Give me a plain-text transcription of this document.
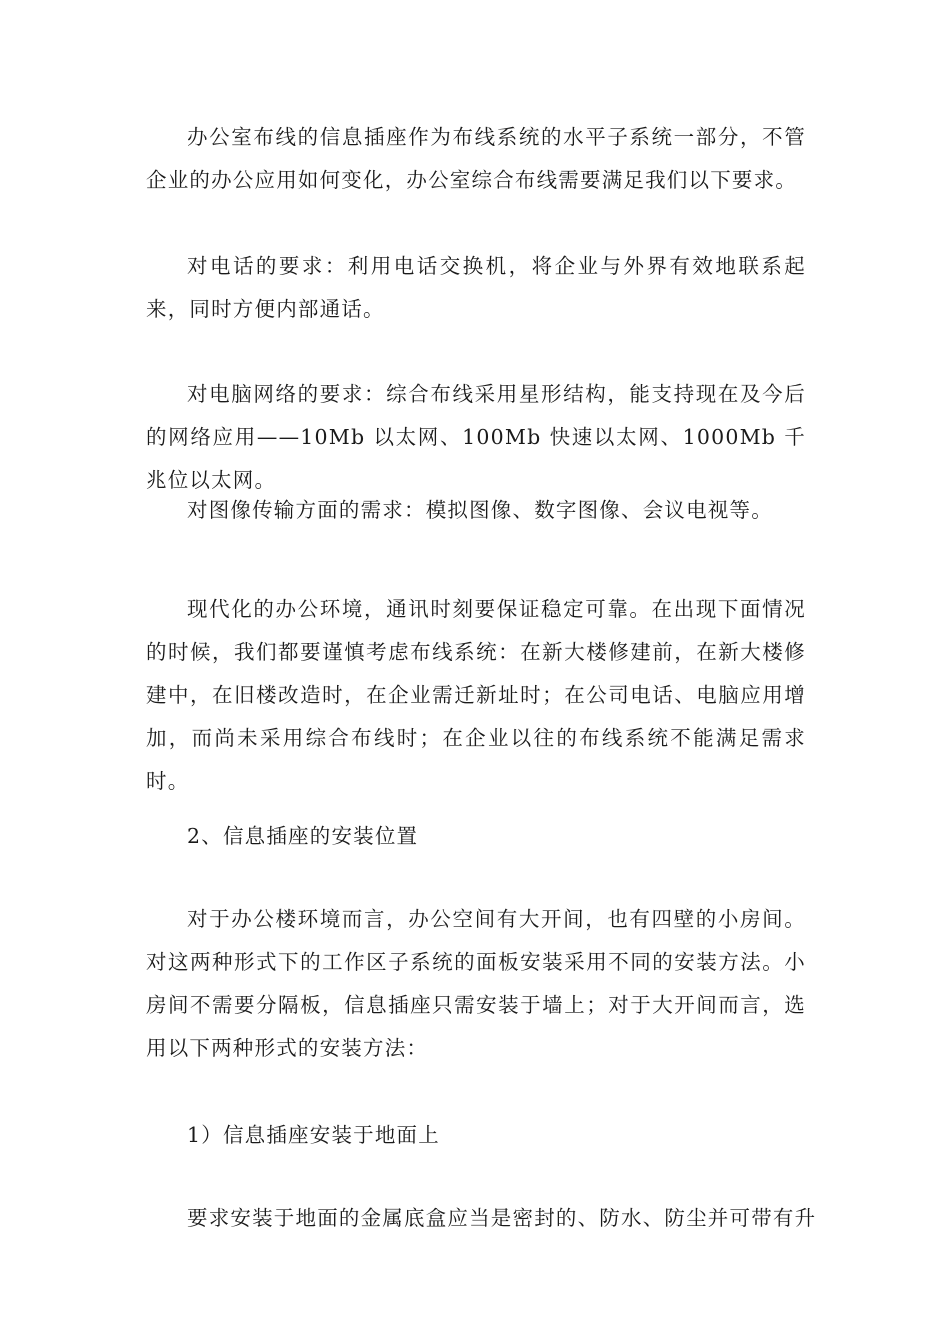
办公室布线的信息插座作为布线系统的水平子系统一部分，不管企业的办公应用如何变化，办公室综合布线需要满足我们以下要求。

对电话的要求：利用电话交换机，将企业与外界有效地联系起来，同时方便内部通话。

对电脑网络的要求：综合布线采用星形结构，能支持现在及今后的网络应用——10Mb 以太网、100Mb 快速以太网、1000Mb 千兆位以太网。

对图像传输方面的需求：模拟图像、数字图像、会议电视等。

现代化的办公环境，通讯时刻要保证稳定可靠。在出现下面情况的时候，我们都要谨慎考虑布线系统：在新大楼修建前，在新大楼修建中，在旧楼改造时，在企业需迁新址时；在公司电话、电脑应用增加，而尚未采用综合布线时；在企业以往的布线系统不能满足需求时。

2、信息插座的安装位置

对于办公楼环境而言，办公空间有大开间，也有四壁的小房间。对这两种形式下的工作区子系统的面板安装采用不同的安装方法。小房间不需要分隔板，信息插座只需安装于墙上；对于大开间而言，选用以下两种形式的安装方法：

1）信息插座安装于地面上

要求安装于地面的金属底盒应当是密封的、防水、防尘并可带有升
